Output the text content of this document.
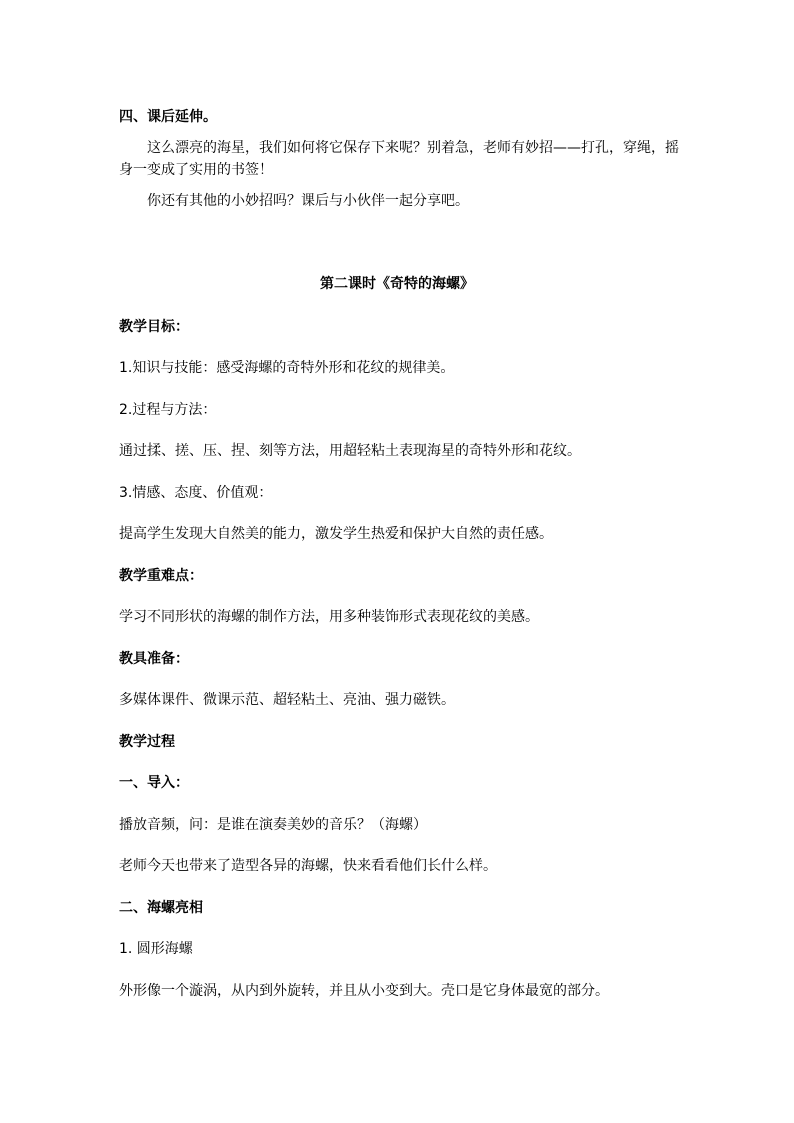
四、课后延伸。
这么漂亮的海星，我们如何将它保存下来呢？别着急，老师有妙招——打孔，穿绳，摇
身一变成了实用的书签！
你还有其他的小妙招吗？课后与小伙伴一起分享吧。
第二课时《奇特的海螺》
教学目标：
1.知识与技能：感受海螺的奇特外形和花纹的规律美。
2.过程与方法：
通过揉、搓、压、捏、刻等方法，用超轻粘土表现海星的奇特外形和花纹。
3.情感、态度、价值观：
提高学生发现大自然美的能力，激发学生热爱和保护大自然的责任感。
教学重难点：
学习不同形状的海螺的制作方法，用多种装饰形式表现花纹的美感。
教具准备：
多媒体课件、微课示范、超轻粘土、亮油、强力磁铁。
教学过程
一、导入：
播放音频，问：是谁在演奏美妙的音乐？（海螺）
老师今天也带来了造型各异的海螺，快来看看他们长什么样。
二、海螺亮相
1. 圆形海螺
外形像一个漩涡，从内到外旋转，并且从小变到大。壳口是它身体最宽的部分。
